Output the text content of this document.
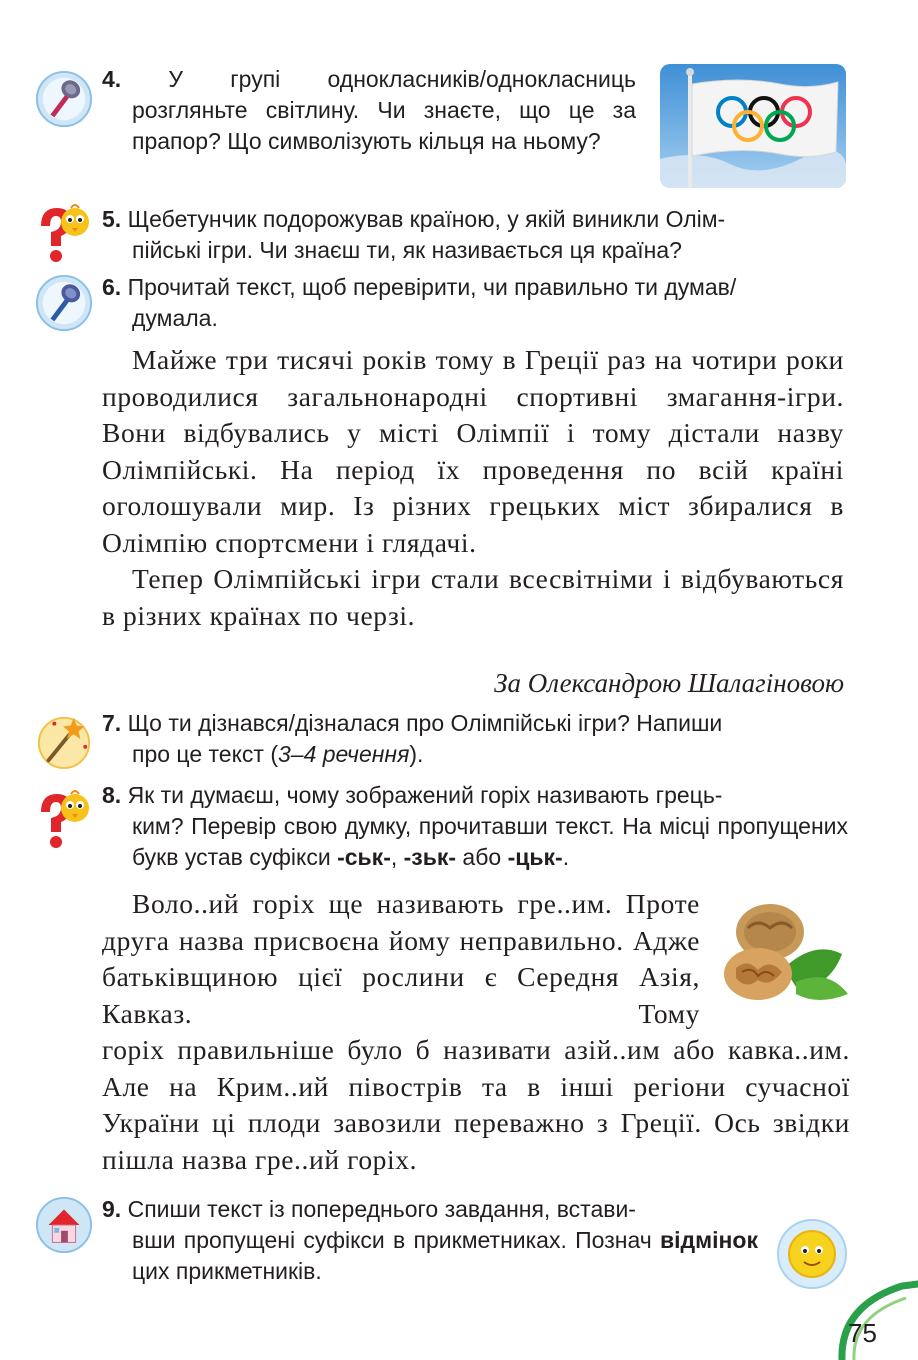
4. У групі однокласників/однокласниць
розгляньте світлину. Чи знаєте, що це за прапор? Що символізують кільця на ньому?
5. Щебетунчик подорожував країною, у якій виникли Олім-
пійські ігри. Чи знаєш ти, як називається ця країна?
6. Прочитай текст, щоб перевірити, чи правильно ти думав/
думала.
Майже три тисячі років тому в Греції раз на чотири роки проводилися загальнонародні спортивні змагання-ігри. Вони відбувались у місті Олімпії і тому дістали назву Олімпійські. На період їх проведення по всій країні оголошували мир. Із різних грецьких міст збиралися в Олімпію спортсмени і глядачі.
Тепер Олімпійські ігри стали всесвітніми і відбуваються в різних країнах по черзі.
За Олександрою Шалагіновою
7. Що ти дізнався/дізналася про Олімпійські ігри? Напиши
про це текст (3–4 речення).
8. Як ти думаєш, чому зображений горіх називають грець-
ким? Перевір свою думку, прочитавши текст. На місці пропущених букв устав суфікси -ськ-, -зьк- або -цьк-.
Воло..ий горіх ще називають гре..им. Проте друга назва присвоєна йому неправильно. Адже батьківщиною цієї рослини є Середня Азія, Кавказ. Тому
горіх правильніше було б називати азій..им або кавка..им. Але на Крим..ий півострів та в інші регіони сучасної України ці плоди завозили переважно з Греції. Ось звідки пішла назва гре..ий горіх.
9. Спиши текст із попереднього завдання, встави-
вши пропущені суфікси в прикметниках. Познач відмінок цих прикметників.
75
